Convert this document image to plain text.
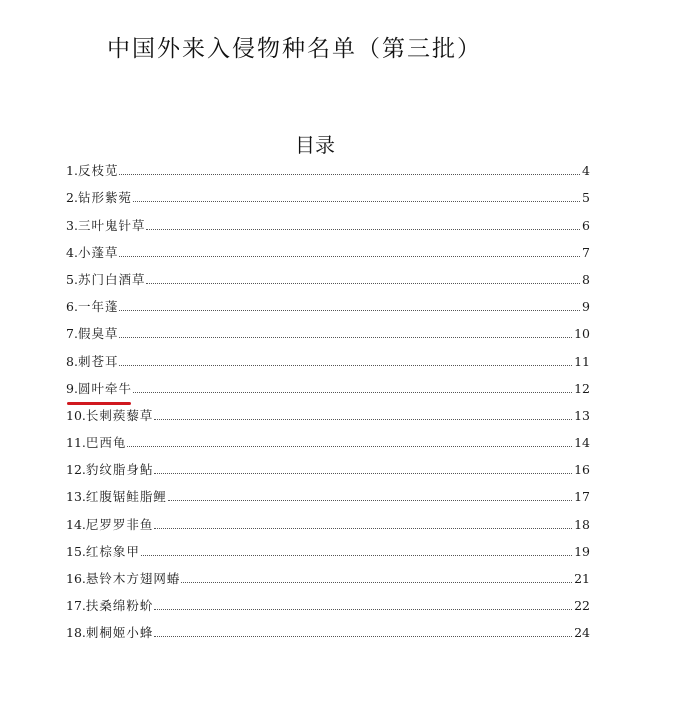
中国外来入侵物种名单（第三批）
目录
1. 反枝苋	4
2. 钻形紫菀	5
3. 三叶鬼针草	6
4. 小蓬草	7
5. 苏门白酒草	8
6. 一年蓬	9
7. 假臭草	10
8. 刺苍耳	11
9. 圆叶牵牛	12
10. 长刺蒺藜草	13
11. 巴西龟	14
12. 豹纹脂身鲇	16
13. 红腹锯鲑脂鲤	17
14. 尼罗罗非鱼	18
15. 红棕象甲	19
16. 悬铃木方翅网蝽	21
17. 扶桑绵粉蚧	22
18. 刺桐姬小蜂	24
